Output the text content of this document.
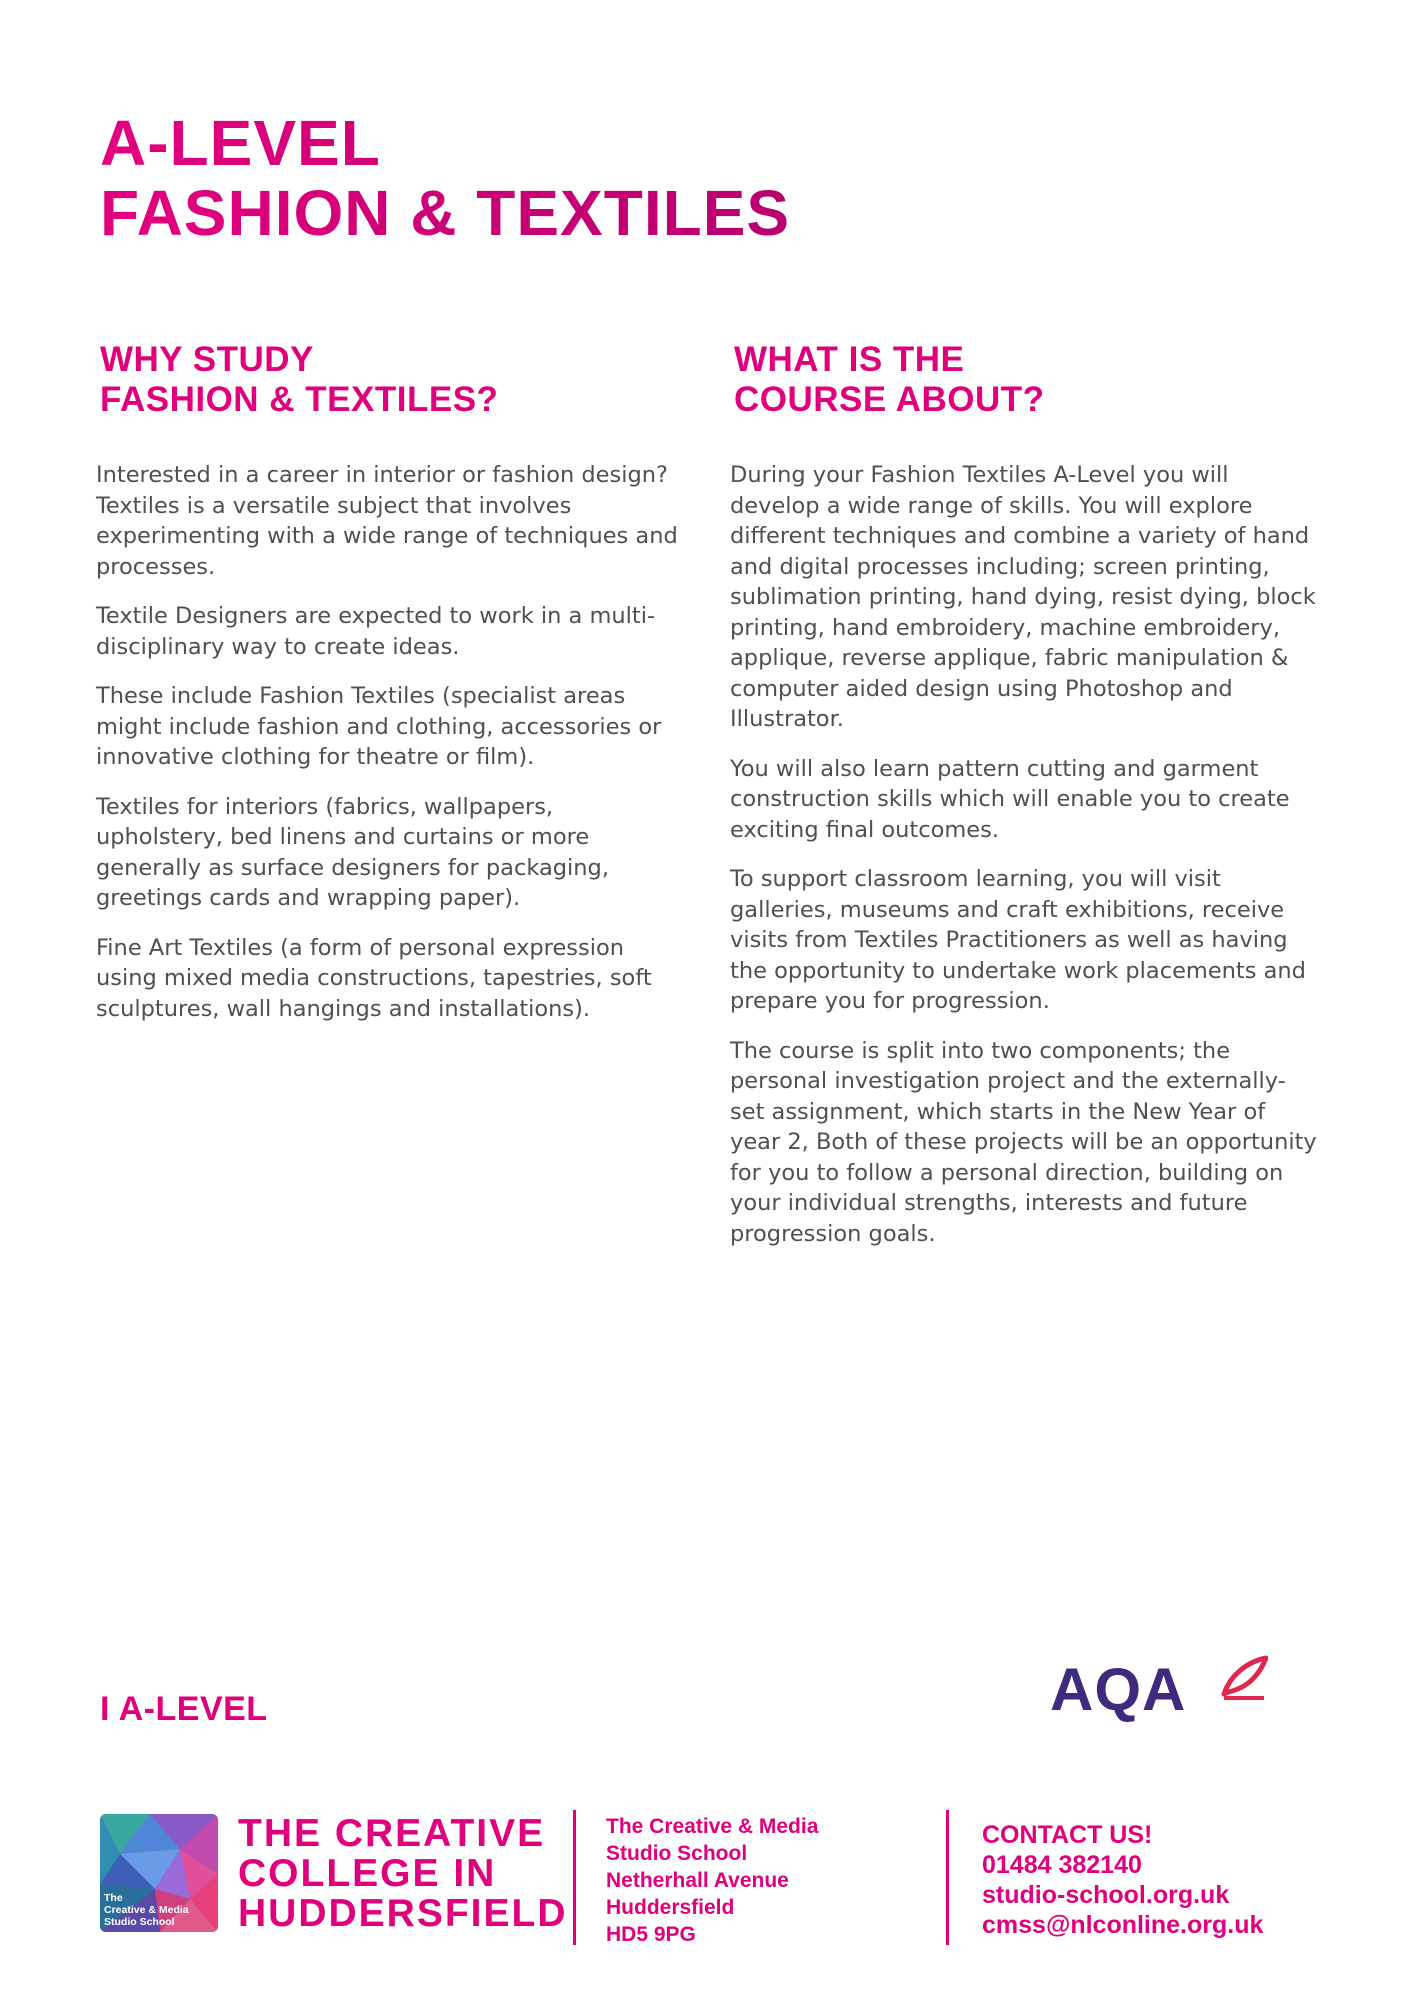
A-LEVEL
FASHION & TEXTILES
WHY STUDY
FASHION & TEXTILES?

Interested in a career in interior or fashion design? Textiles is a versatile subject that involves experimenting with a wide range of techniques and processes.

Textile Designers are expected to work in a multi-disciplinary way to create ideas.

These include Fashion Textiles (specialist areas might include fashion and clothing, accessories or innovative clothing for theatre or film).

Textiles for interiors (fabrics, wallpapers, upholstery, bed linens and curtains or more generally as surface designers for packaging, greetings cards and wrapping paper).

Fine Art Textiles (a form of personal expression using mixed media constructions, tapestries, soft sculptures, wall hangings and installations).

WHAT IS THE
COURSE ABOUT?

During your Fashion Textiles A-Level you will develop a wide range of skills. You will explore different techniques and combine a variety of hand and digital processes including; screen printing, sublimation printing, hand dying, resist dying, block printing, hand embroidery, machine embroidery, applique, reverse applique, fabric manipulation & computer aided design using Photoshop and Illustrator.

You will also learn pattern cutting and garment construction skills which will enable you to create exciting final outcomes.

To support classroom learning, you will visit galleries, museums and craft exhibitions, receive visits from Textiles Practitioners as well as having the opportunity to undertake work placements and prepare you for progression.

The course is split into two components; the personal investigation project and the externally-set assignment, which starts in the New Year of year 2, Both of these projects will be an opportunity for you to follow a personal direction, building on your individual strengths, interests and future progression goals.

I A-LEVEL	AQA
The
Creative & Media
Studio School
THE CREATIVE
COLLEGE IN
HUDDERSFIELD
The Creative & Media
Studio School
Netherhall Avenue
Huddersfield
HD5 9PG
CONTACT US!
01484 382140
studio-school.org.uk
cmss@nlconline.org.uk
